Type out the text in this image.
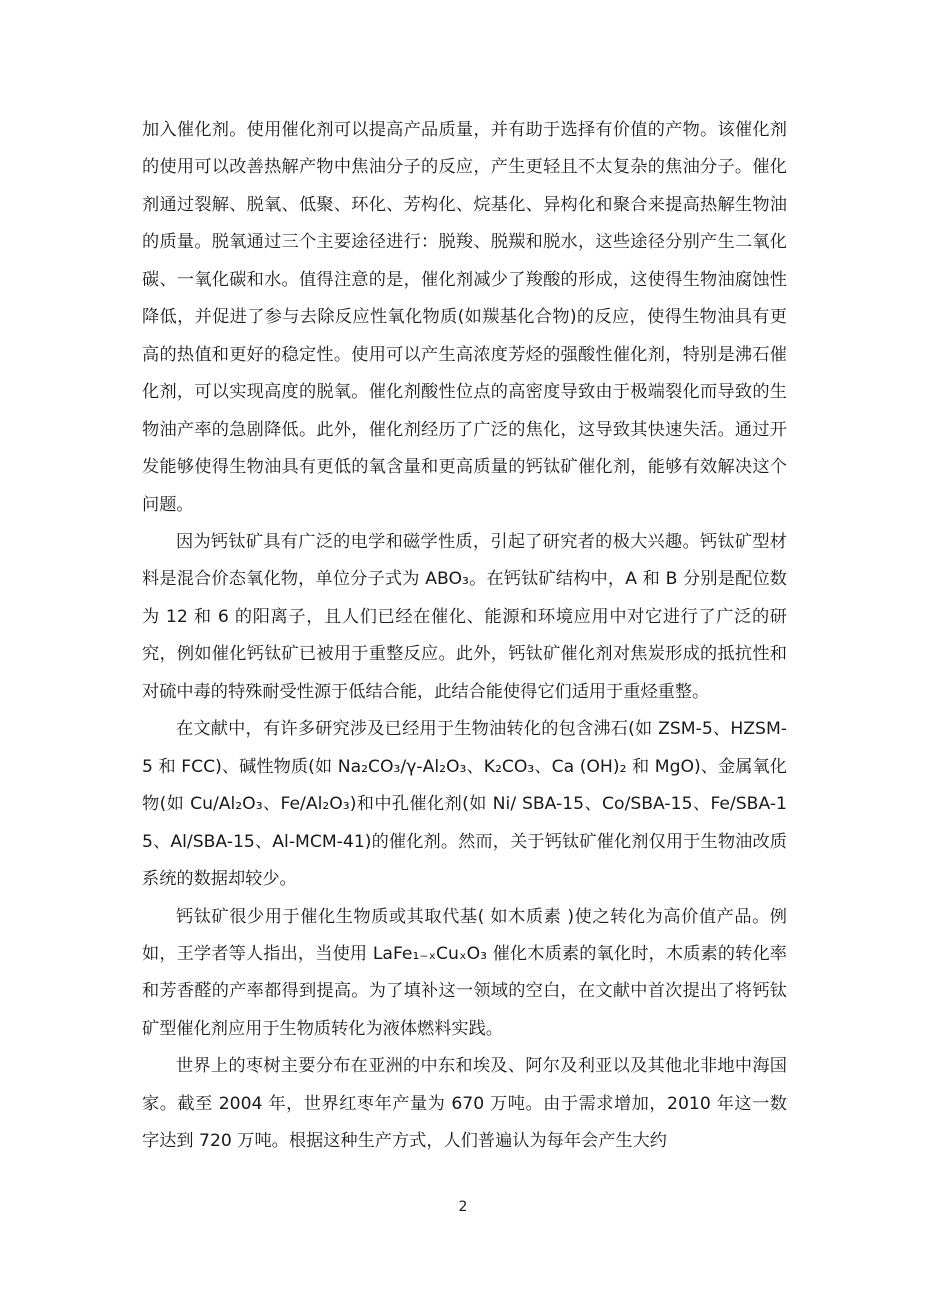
加入催化剂。使用催化剂可以提高产品质量，并有助于选择有价值的产物。该催化剂的使用可以改善热解产物中焦油分子的反应，产生更轻且不太复杂的焦油分子。催化剂通过裂解、脱氧、低聚、环化、芳构化、烷基化、异构化和聚合来提高热解生物油的质量。脱氧通过三个主要途径进行：脱羧、脱羰和脱水，这些途径分别产生二氧化碳、一氧化碳和水。值得注意的是，催化剂减少了羧酸的形成，这使得生物油腐蚀性降低，并促进了参与去除反应性氧化物质(如羰基化合物)的反应，使得生物油具有更高的热值和更好的稳定性。使用可以产生高浓度芳烃的强酸性催化剂，特别是沸石催化剂，可以实现高度的脱氧。催化剂酸性位点的高密度导致由于极端裂化而导致的生物油产率的急剧降低。此外，催化剂经历了广泛的焦化，这导致其快速失活。通过开发能够使得生物油具有更低的氧含量和更高质量的钙钛矿催化剂，能够有效解决这个问题。

因为钙钛矿具有广泛的电学和磁学性质，引起了研究者的极大兴趣。钙钛矿型材料是混合价态氧化物，单位分子式为 ABO₃。在钙钛矿结构中，A 和 B 分别是配位数为 12 和 6 的阳离子，且人们已经在催化、能源和环境应用中对它进行了广泛的研究，例如催化钙钛矿已被用于重整反应。此外，钙钛矿催化剂对焦炭形成的抵抗性和对硫中毒的特殊耐受性源于低结合能，此结合能使得它们适用于重烃重整。

在文献中，有许多研究涉及已经用于生物油转化的包含沸石(如 ZSM-5、HZSM-5 和 FCC)、碱性物质(如 Na₂CO₃/γ-Al₂O₃、K₂CO₃、Ca (OH)₂ 和 MgO)、金属氧化物(如 Cu/Al₂O₃、Fe/Al₂O₃)和中孔催化剂(如 Ni/ SBA-15、Co/SBA-15、Fe/SBA-15、Al/SBA-15、Al-MCM-41)的催化剂。然而，关于钙钛矿催化剂仅用于生物油改质系统的数据却较少。

钙钛矿很少用于催化生物质或其取代基( 如木质素 )使之转化为高价值产品。例如，王学者等人指出，当使用 LaFe₁₋ₓCuₓO₃ 催化木质素的氧化时，木质素的转化率和芳香醛的产率都得到提高。为了填补这一领域的空白，在文献中首次提出了将钙钛矿型催化剂应用于生物质转化为液体燃料实践。

世界上的枣树主要分布在亚洲的中东和埃及、阿尔及利亚以及其他北非地中海国家。截至 2004 年，世界红枣年产量为 670 万吨。由于需求增加，2010 年这一数字达到 720 万吨。根据这种生产方式，人们普遍认为每年会产生大约

2
